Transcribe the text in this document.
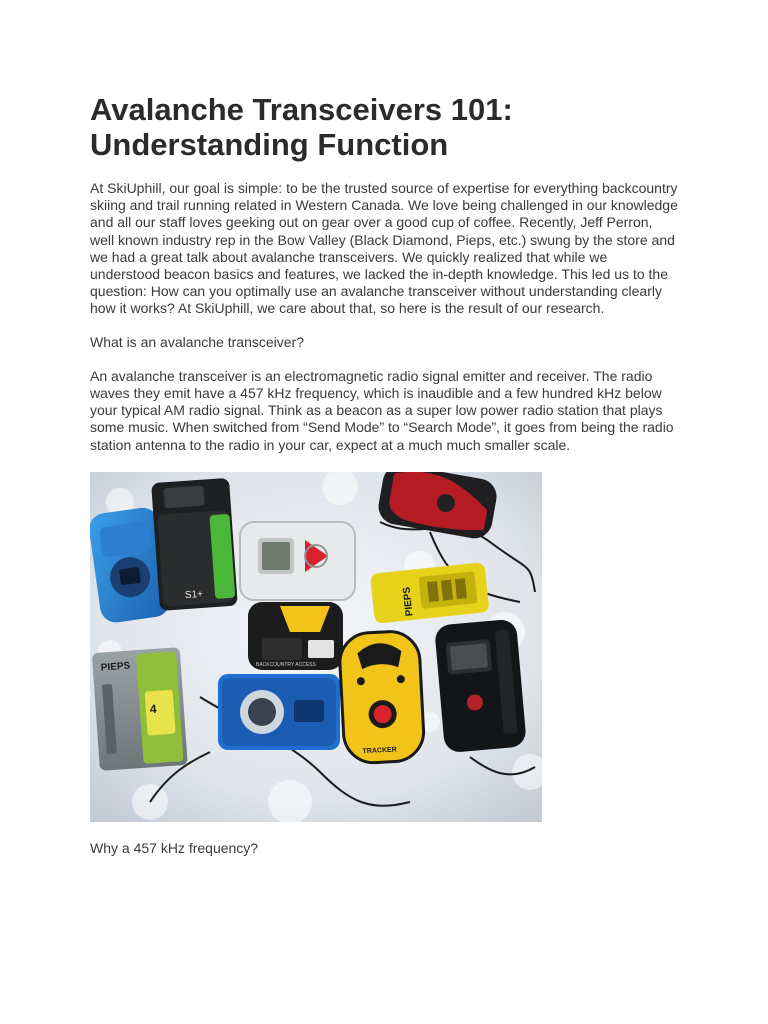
Avalanche Transceivers 101:
Understanding Function

At SkiUphill, our goal is simple: to be the trusted source of expertise for everything backcountry skiing and trail running related in Western Canada. We love being challenged in our knowledge and all our staff loves geeking out on gear over a good cup of coffee. Recently, Jeff Perron, well known industry rep in the Bow Valley (Black Diamond, Pieps, etc.) swung by the store and we had a great talk about avalanche transceivers. We quickly realized that while we understood beacon basics and features, we lacked the in-depth knowledge. This led us to the question: How can you optimally use an avalanche transceiver without understanding clearly how it works? At SkiUphill, we care about that, so here is the result of our research.

What is an avalanche transceiver?

An avalanche transceiver is an electromagnetic radio signal emitter and receiver. The radio waves they emit have a 457 kHz frequency, which is inaudible and a few hundred kHz below your typical AM radio signal. Think as a beacon as a super low power radio station that plays some music. When switched from “Send Mode” to “Search Mode”, it goes from being the radio station antenna to the radio in your car, expect at a much much smaller scale.

S1+	PIEPS
BACKCOUNTRY ACCESS
4
PIEPS
TRACKER

Why a 457 kHz frequency?
